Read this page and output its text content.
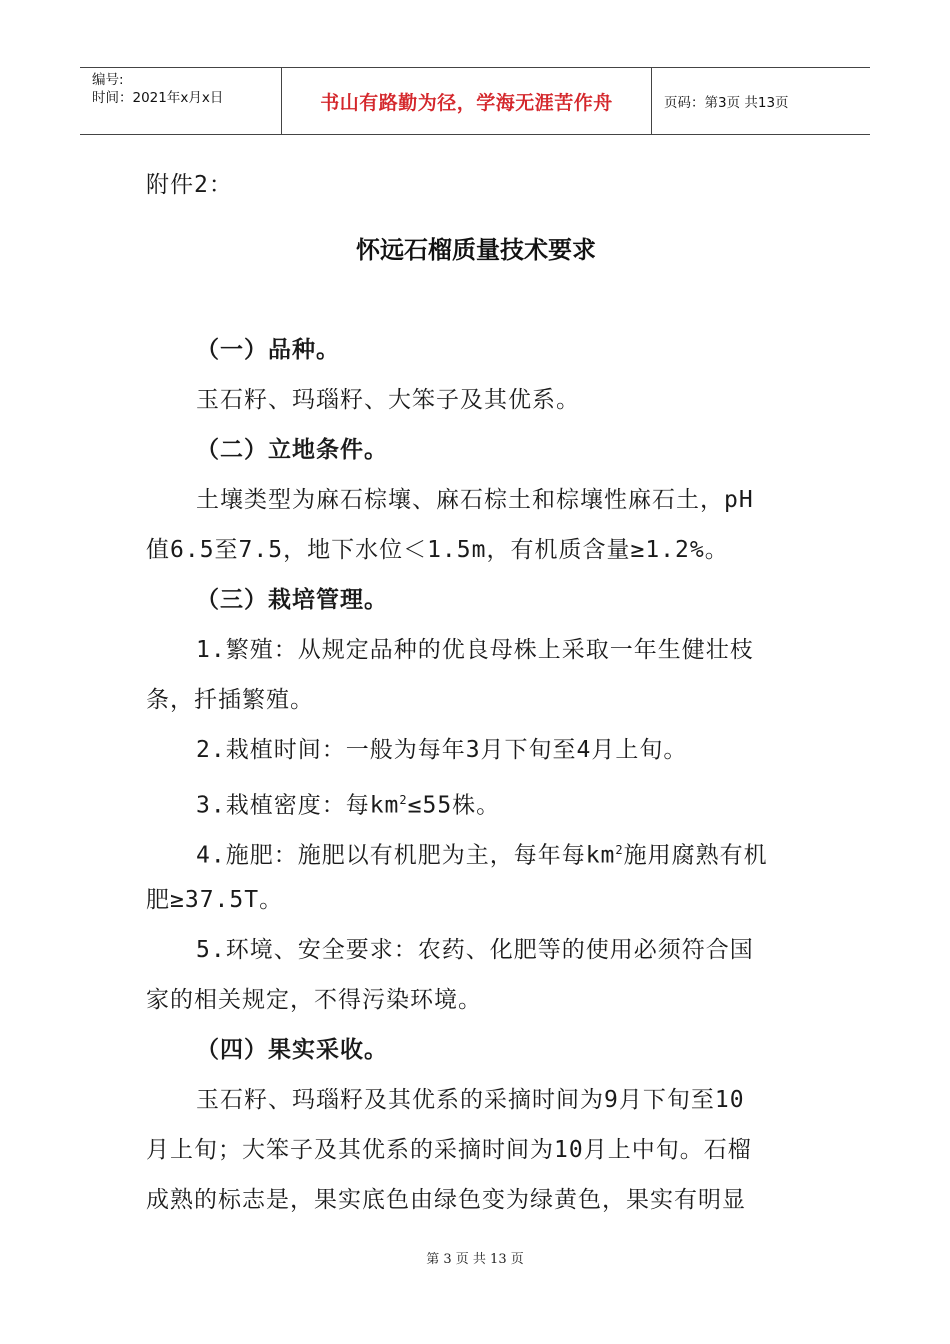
编号:
时间：2021年x月x日	书山有路勤为径，学海无涯苦作舟	页码：第3页 共13页
附件2：
怀远石榴质量技术要求
（一）品种。
玉石籽、玛瑙籽、大笨子及其优系。
（二）立地条件。
土壤类型为麻石棕壤、麻石棕土和棕壤性麻石土，pH
值6.5至7.5，地下水位＜1.5m，有机质含量≥1.2%。
（三）栽培管理。
1.繁殖：从规定品种的优良母株上采取一年生健壮枝
条，扦插繁殖。
2.栽植时间：一般为每年3月下旬至4月上旬。
3.栽植密度：每$km^2\le 55$株。
4.施肥：施肥以有机肥为主，每年每$km^2$施用腐熟有机
肥≥37.5T。
5.环境、安全要求：农药、化肥等的使用必须符合国
家的相关规定，不得污染环境。
（四）果实采收。
玉石籽、玛瑙籽及其优系的采摘时间为9月下旬至10
月上旬；大笨子及其优系的采摘时间为10月上中旬。石榴
成熟的标志是，果实底色由绿色变为绿黄色，果实有明显
第 3 页 共 13 页
